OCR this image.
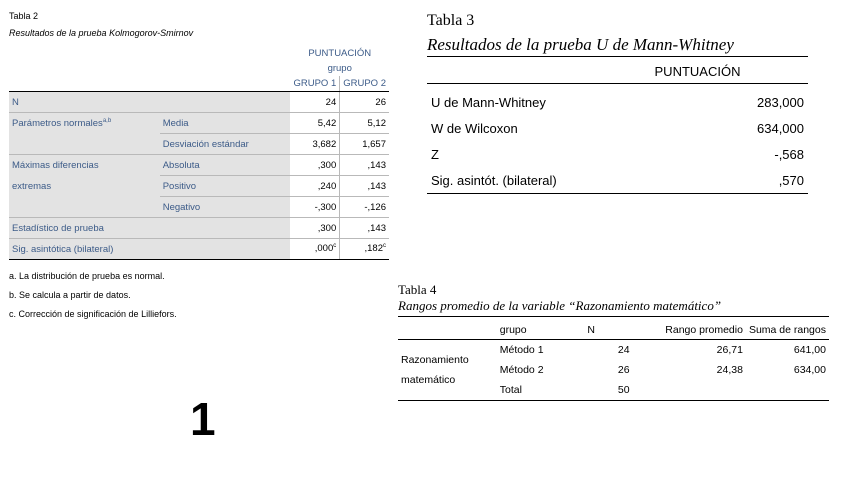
Tabla 2
Resultados de la prueba Kolmogorov-Smirnov
		PUNTUACIÓN	
		grupo	
		GRUPO 1	GRUPO 2
N		24	26
Parámetros normales$^{a,b}$	Media	5,42	5,12
	Desviación estándar	3,682	1,657
Máximas diferencias	Absoluta	,300	,143
extremas	Positivo	,240	,143
	Negativo	-,300	-,126
Estadístico de prueba		,300	,143
Sig. asintótica (bilateral)		,000$^c$	,182$^c$
a. La distribución de prueba es normal.
b. Se calcula a partir de datos.
c. Corrección de significación de Lilliefors.
1
Tabla 3
Resultados de la prueba U de Mann-Whitney
PUNTUACIÓN
U de Mann-Whitney	283,000
W de Wilcoxon	634,000
Z	-,568
Sig. asintót. (bilateral)	,570
Tabla 4
Rangos promedio de la variable “Razonamiento matemático”
	grupo	N	Rango promedio	Suma de rangos

Razonamiento
matemático	Método 1	24	26,71	641,00
	Método 2	26	24,38	634,00
	Total	50		
